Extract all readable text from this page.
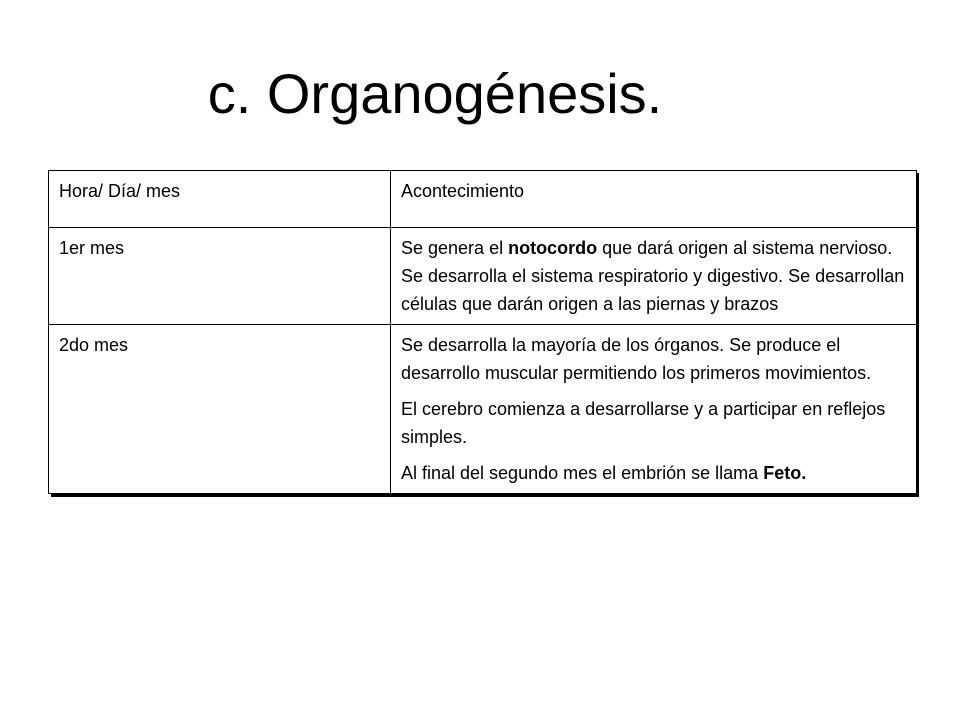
c. Organogénesis.
Hora/ Día/ mes	Acontecimiento
1er mes	Se genera el notocordo que dará origen al sistema nervioso. Se desarrolla el sistema respiratorio y digestivo. Se desarrollan células que darán origen a las piernas y brazos

2do mes	Se desarrolla la mayoría de los órganos. Se produce el desarrollo muscular permitiendo los primeros movimientos.

El cerebro comienza a desarrollarse y a participar en reflejos simples.

Al final del segundo mes el embrión se llama Feto.
